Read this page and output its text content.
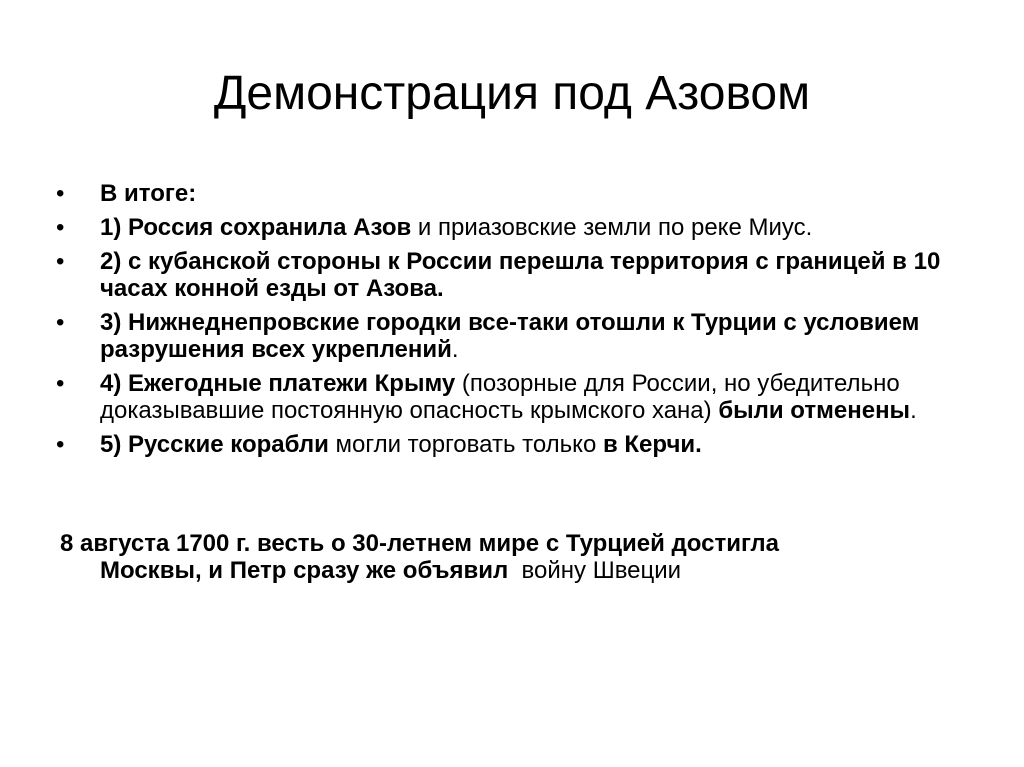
Демонстрация под Азовом
•	В итоге:
•	1) Россия сохранила Азов и приазовские земли по реке Миус.
•	2) с кубанской стороны к России перешла территория с границей в 10 часах конной езды от Азова.
•	3) Нижнеднепровские городки все-таки отошли к Турции с условием разрушения всех укреплений.
•	4) Ежегодные платежи Крыму (позорные для России, но убедительно доказывавшие постоянную опасность крымского хана) были отменены.
•	5) Русские корабли могли торговать только в Керчи.

8 августа 1700 г. весть о 30-летнем мире с Турцией достигла
Москвы, и Петр сразу же объявил  войну Швеции
